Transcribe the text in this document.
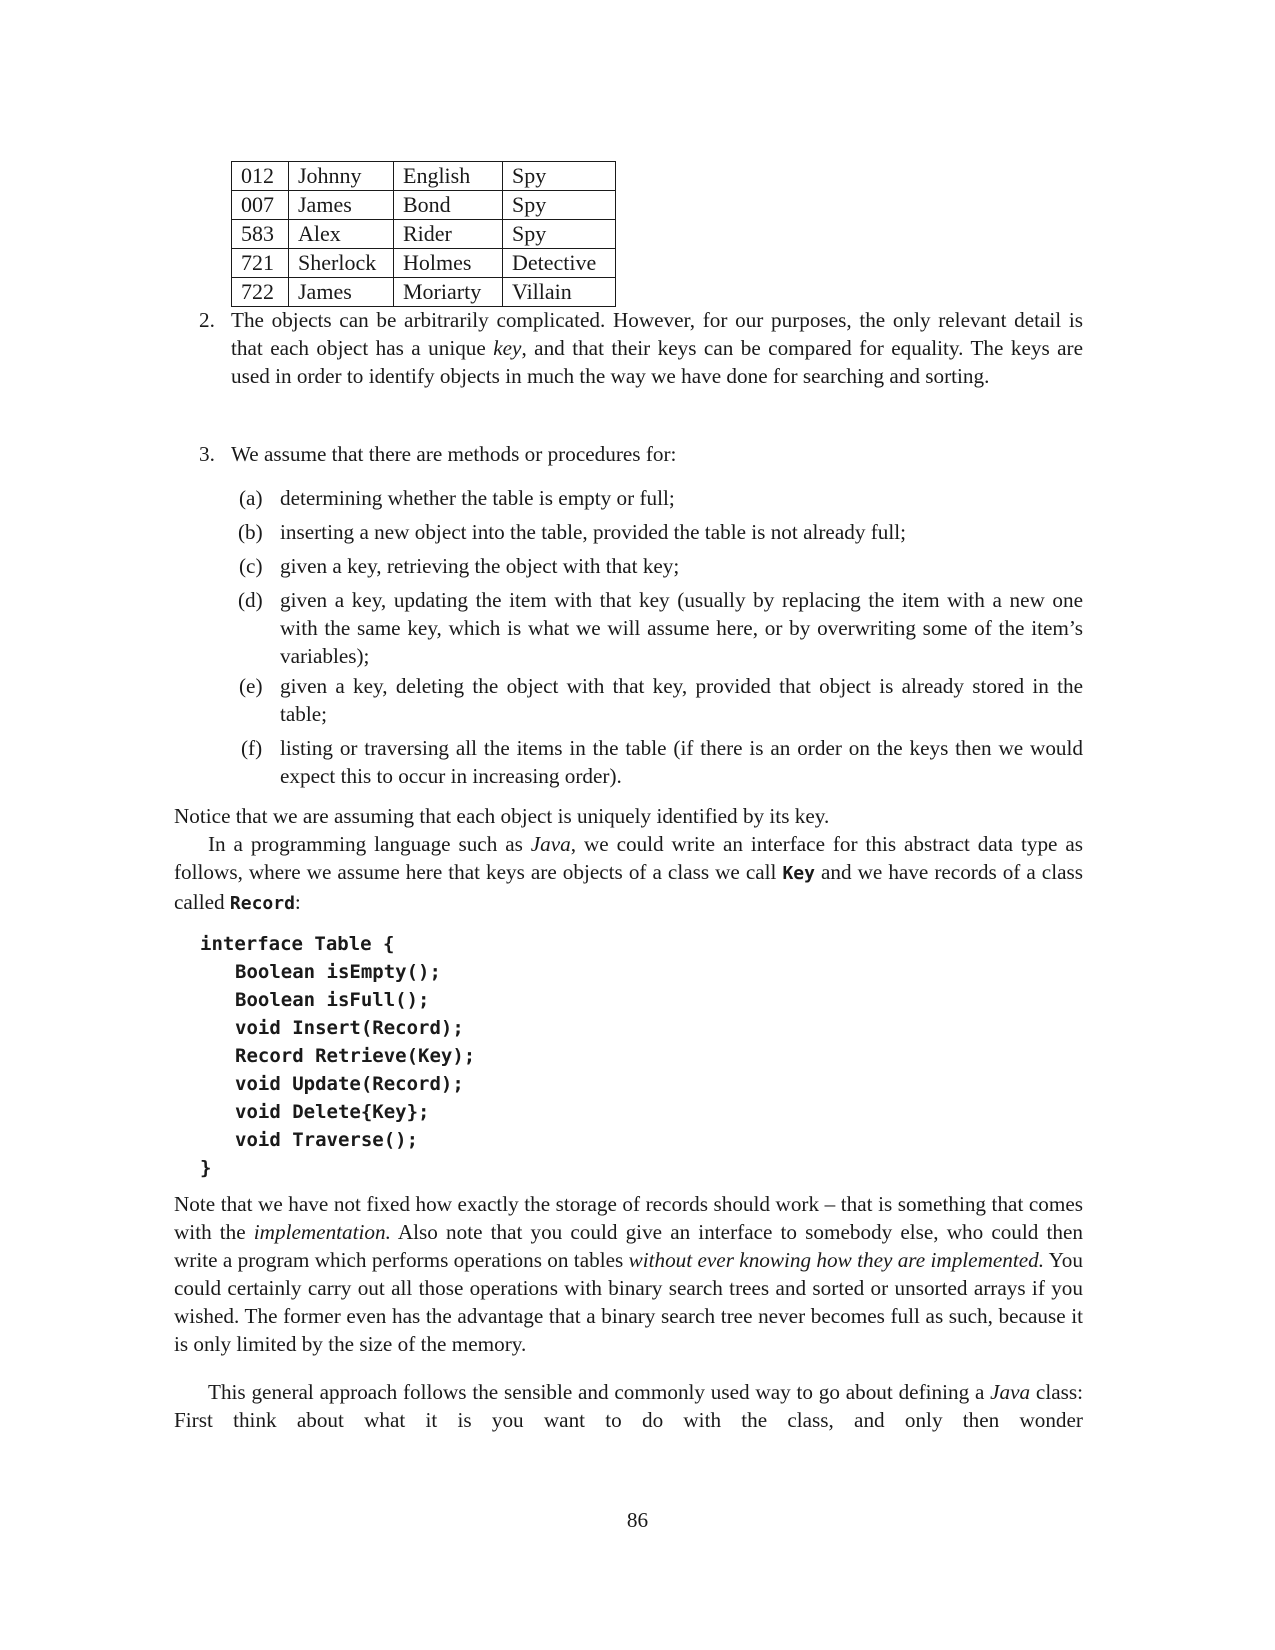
012	Johnny	English	Spy
007	James	Bond	Spy
583	Alex	Rider	Spy
721	Sherlock	Holmes	Detective
722	James	Moriarty	Villain
2. The objects can be arbitrarily complicated. However, for our purposes, the only relevant detail is that each object has a unique key, and that their keys can be compared for equality. The keys are used in order to identify objects in much the way we have done for searching and sorting.
3. We assume that there are methods or procedures for:
(a) determining whether the table is empty or full;
(b) inserting a new object into the table, provided the table is not already full;
(c) given a key, retrieving the object with that key;
(d) given a key, updating the item with that key (usually by replacing the item with a new one with the same key, which is what we will assume here, or by overwriting some of the item’s variables);
(e) given a key, deleting the object with that key, provided that object is already stored in the table;
(f) listing or traversing all the items in the table (if there is an order on the keys then we would expect this to occur in increasing order).
Notice that we are assuming that each object is uniquely identified by its key.
In a programming language such as Java, we could write an interface for this abstract data type as follows, where we assume here that keys are objects of a class we call Key and we have records of a class called Record:
interface Table {
Boolean isEmpty();
Boolean isFull();
void Insert(Record);
Record Retrieve(Key);
void Update(Record);
void Delete{Key};
void Traverse();
}
Note that we have not fixed how exactly the storage of records should work – that is something that comes with the implementation. Also note that you could give an interface to somebody else, who could then write a program which performs operations on tables without ever knowing how they are implemented. You could certainly carry out all those operations with binary search trees and sorted or unsorted arrays if you wished. The former even has the advantage that a binary search tree never becomes full as such, because it is only limited by the size of the memory.
This general approach follows the sensible and commonly used way to go about defining a Java class: First think about what it is you want to do with the class, and only then wonder
86
